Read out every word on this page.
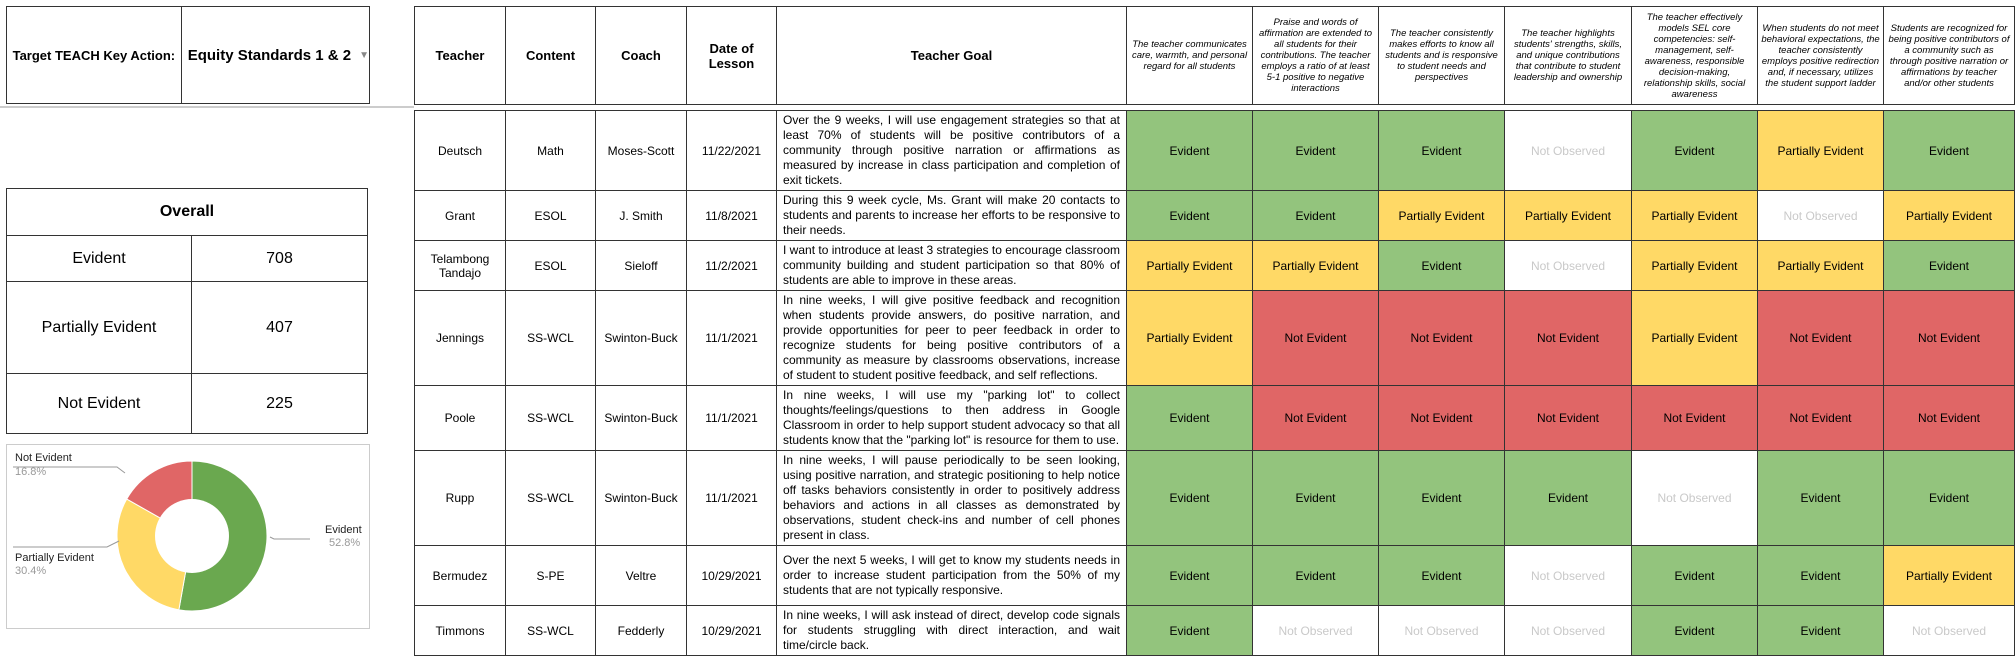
Target TEACH Key Action: Equity Standards 1 & 2 ▼
Overall	
Evident	708
Partially Evident	407
Not Evident	225
Evident
52.8%
Partially Evident
30.4%
Not Evident
16.8%
Teacher	Content	Coach	Date of Lesson	Teacher Goal	The teacher communicates care, warmth, and personal regard for all students	Praise and words of affirmation are extended to all students for their contributions. The teacher employs a ratio of at least 5-1 positive to negative interactions	The teacher consistently makes efforts to know all students and is responsive to student needs and perspectives	The teacher highlights students' strengths, skills, and unique contributions that contribute to student leadership and ownership	The teacher effectively models SEL core competencies: self-management, self-awareness, responsible decision-making, relationship skills, social awareness	When students do not meet behavioral expectations, the teacher consistently employs positive redirection and, if necessary, utilizes the student support ladder	Students are recognized for being positive contributors of a community such as through positive narration or affirmations by teacher and/or other students

Deutsch	Math	Moses-Scott	11/22/2021	Over the 9 weeks, I will use engagement strategies so that at least 70% of students will be positive contributors of a community through positive narration or affirmations as measured by increase in class participation and completion of exit tickets.	Evident	Evident	Evident	Not Observed	Evident	Partially Evident	Evident
Grant	ESOL	J. Smith	11/8/2021	During this 9 week cycle, Ms. Grant will make 20 contacts to students and parents to increase her efforts to be responsive to their needs.	Evident	Evident	Partially Evident	Partially Evident	Partially Evident	Not Observed	Partially Evident
Telambong Tandajo	ESOL	Sieloff	11/2/2021	I want to introduce at least 3 strategies to encourage classroom community building and student participation so that 80% of students are able to improve in these areas.	Partially Evident	Partially Evident	Evident	Not Observed	Partially Evident	Partially Evident	Evident
Jennings	SS-WCL	Swinton-Buck	11/1/2021	In nine weeks, I will give positive feedback and recognition when students provide answers, do positive narration, and provide opportunities for peer to peer feedback in order to recognize students for being positive contributors of a community as measure by classrooms observations, increase of student to student positive feedback, and self reflections.	Partially Evident	Not Evident	Not Evident	Not Evident	Partially Evident	Not Evident	Not Evident
Poole	SS-WCL	Swinton-Buck	11/1/2021	In nine weeks, I will use my "parking lot" to collect thoughts/feelings/questions to then address in Google Classroom in order to help support student advocacy so that all students know that the "parking lot" is resource for them to use.	Evident	Not Evident	Not Evident	Not Evident	Not Evident	Not Evident	Not Evident
Rupp	SS-WCL	Swinton-Buck	11/1/2021	In nine weeks, I will pause periodically to be seen looking, using positive narration, and strategic positioning to help notice off tasks behaviors consistently in order to positively address behaviors and actions in all classes as demonstrated by observations, student check-ins and number of cell phones present in class.	Evident	Evident	Evident	Evident	Not Observed	Evident	Evident
Bermudez	S-PE	Veltre	10/29/2021	Over the next 5 weeks, I will get to know my students needs in order to increase student participation from the 50% of my students that are not typically responsive.	Evident	Evident	Evident	Not Observed	Evident	Evident	Partially Evident
Timmons	SS-WCL	Fedderly	10/29/2021	In nine weeks, I will ask instead of direct, develop code signals for students struggling with direct interaction, and wait time/circle back.	Evident	Not Observed	Not Observed	Not Observed	Evident	Evident	Not Observed
